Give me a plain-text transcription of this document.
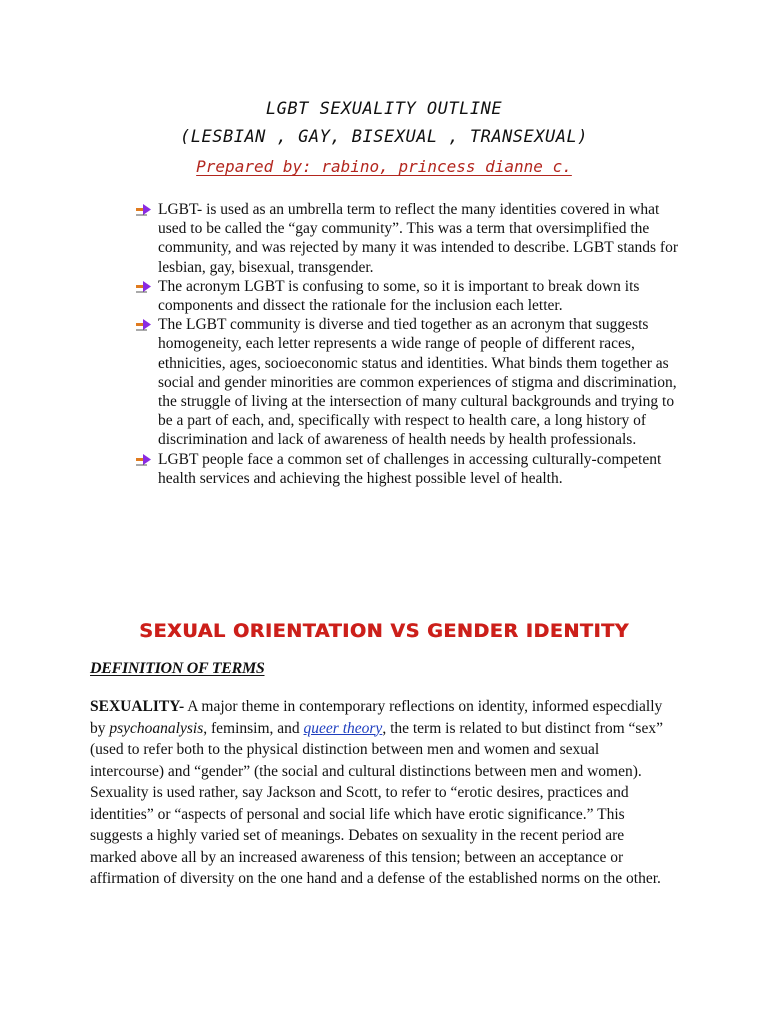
LGBT SEXUALITY OUTLINE
(LESBIAN , GAY, BISEXUAL , TRANSEXUAL)
Prepared by: rabino, princess dianne c.
LGBT- is used as an umbrella term to reflect the many identities covered in what used to be called the “gay community”. This was a term that oversimplified the community, and was rejected by many it was intended to describe. LGBT stands for lesbian, gay, bisexual, transgender.
The acronym LGBT is confusing to some, so it is important to break down its components and dissect the rationale for the inclusion each letter.
The LGBT community is diverse and tied together as an acronym that suggests homogeneity, each letter represents a wide range of people of different races, ethnicities, ages, socioeconomic status and identities. What binds them together as social and gender minorities are common experiences of stigma and discrimination, the struggle of living at the intersection of many cultural backgrounds and trying to be a part of each, and, specifically with respect to health care, a long history of discrimination and lack of awareness of health needs by health professionals.
LGBT people face a common set of challenges in accessing culturally-competent health services and achieving the highest possible level of health.
SEXUAL ORIENTATION VS GENDER IDENTITY
DEFINITION OF TERMS

SEXUALITY- A major theme in contemporary reflections on identity, informed especdially by psychoanalysis, feminsim, and queer theory, the term is related to but distinct from “sex” (used to refer both to the physical distinction between men and women and sexual intercourse) and “gender” (the social and cultural distinctions between men and women). Sexuality is used rather, say Jackson and Scott, to refer to “erotic desires, practices and identities” or “aspects of personal and social life which have erotic significance.” This suggests a highly varied set of meanings. Debates on sexuality in the recent period are marked above all by an increased awareness of this tension; between an acceptance or affirmation of diversity on the one hand and a defense of the established norms on the other.
